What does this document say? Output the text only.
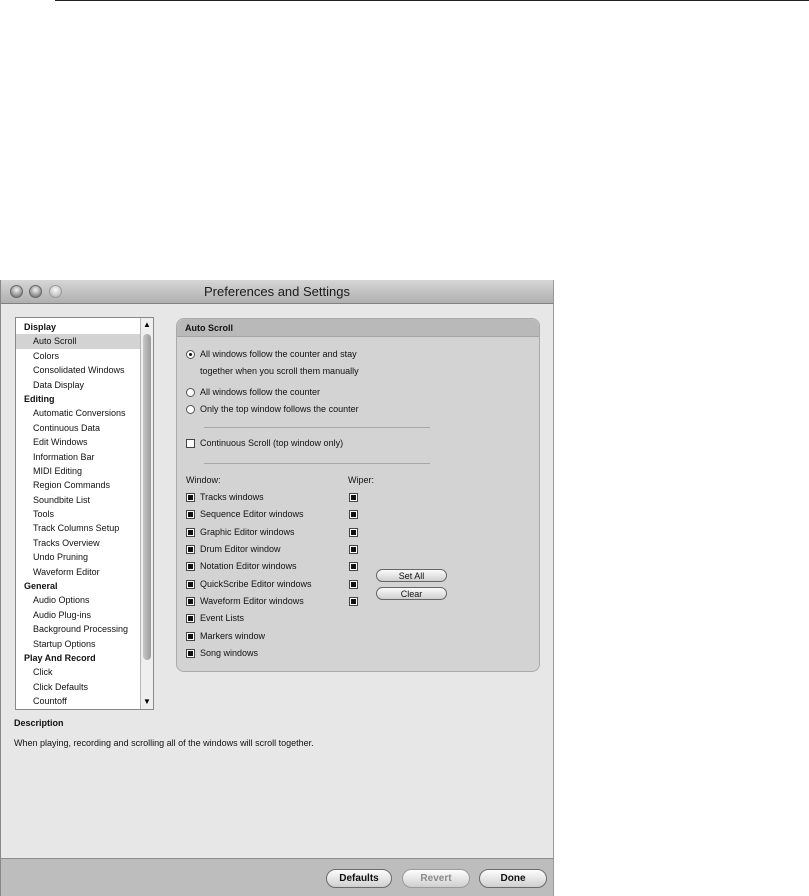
Preferences and Settings
Display
Auto Scroll
Colors
Consolidated Windows
Data Display
Editing
Automatic Conversions
Continuous Data
Edit Windows
Information Bar
MIDI Editing
Region Commands
Soundbite List
Tools
Track Columns Setup
Tracks Overview
Undo Pruning
Waveform Editor
General
Audio Options
Audio Plug-ins
Background Processing
Startup Options
Play And Record
Click
Click Defaults
Countoff
▲
▼
Auto Scroll
All windows follow the counter and stay
together when you scroll them manually
All windows follow the counter
Only the top window follows the counter
Continuous Scroll (top window only)
Window:	Wiper:
Tracks windows
Sequence Editor windows
Graphic Editor windows
Drum Editor window
Notation Editor windows
QuickScribe Editor windows
Waveform Editor windows
Event Lists
Markers window
Song windows
Set All
Clear
Description
When playing, recording and scrolling all of the windows will scroll together.
Defaults	Revert	Done
